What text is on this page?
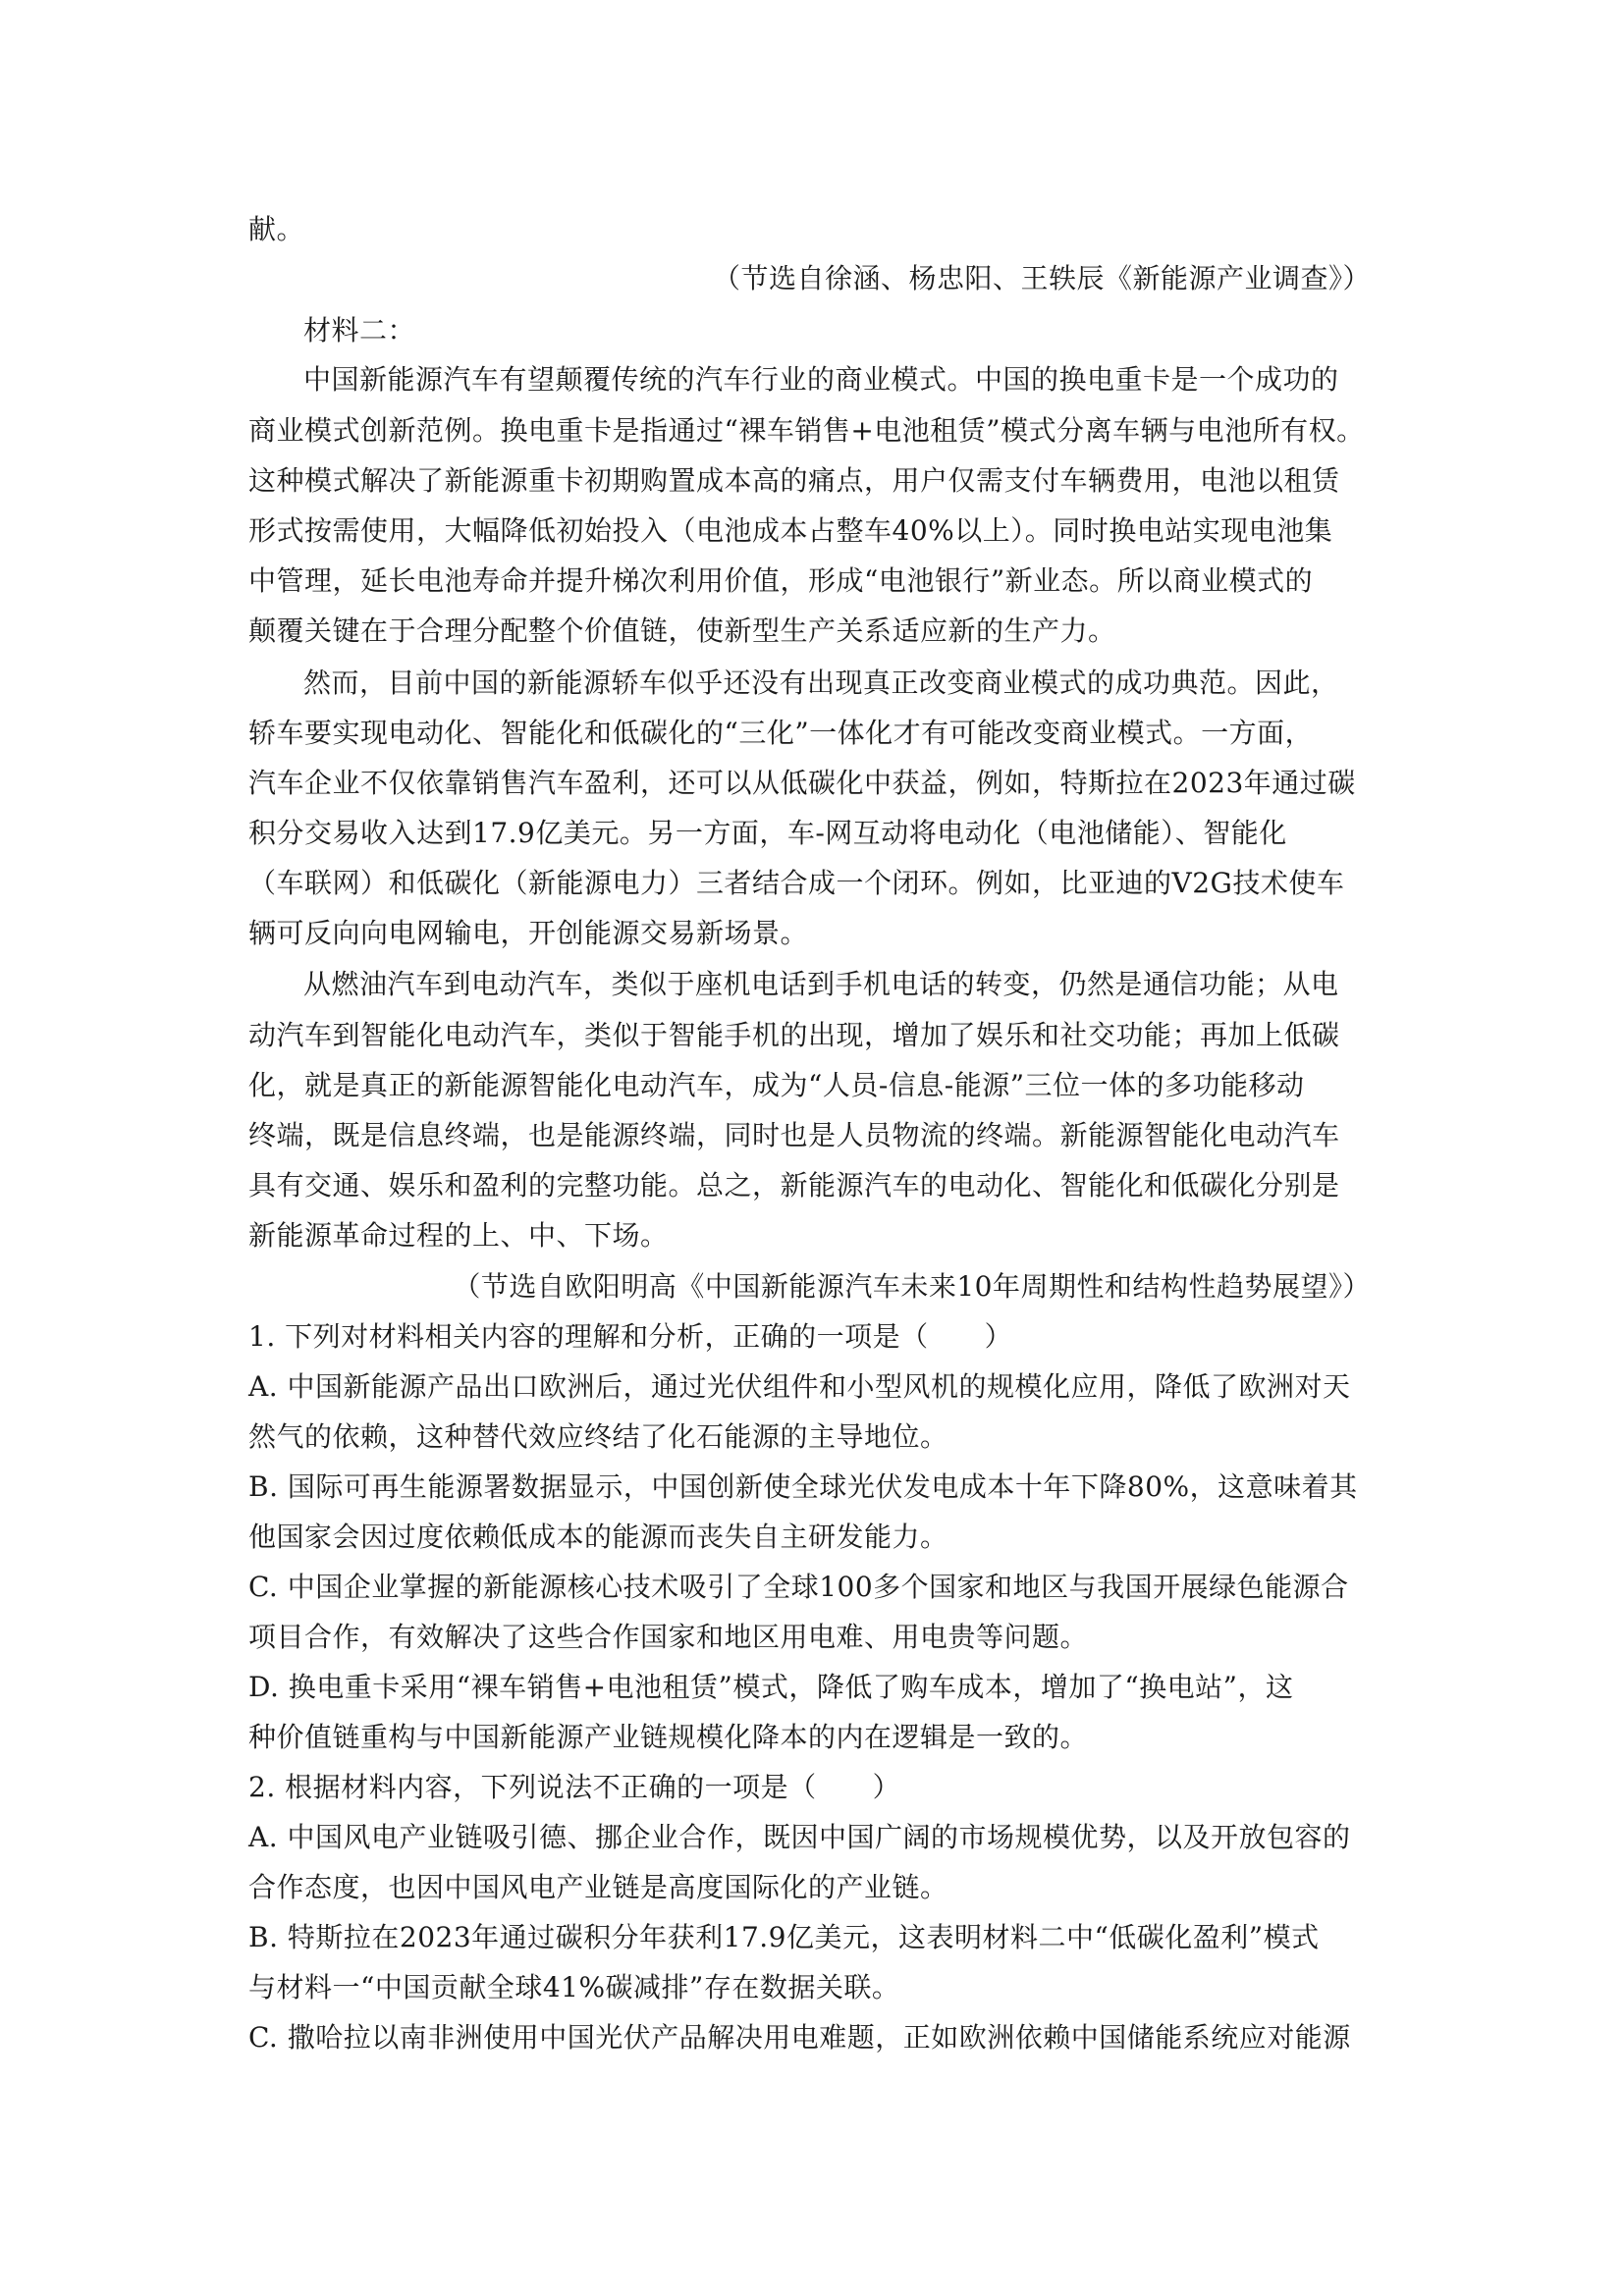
献。
（节选自徐涵、杨忠阳、王轶辰《新能源产业调查》）
材料二：
中国新能源汽车有望颠覆传统的汽车行业的商业模式。中国的换电重卡是一个成功的
商业模式创新范例。换电重卡是指通过“裸车销售+电池租赁”模式分离车辆与电池所有权。
这种模式解决了新能源重卡初期购置成本高的痛点，用户仅需支付车辆费用，电池以租赁
形式按需使用，大幅降低初始投入（电池成本占整车40%以上）。同时换电站实现电池集
中管理，延长电池寿命并提升梯次利用价值，形成“电池银行”新业态。所以商业模式的
颠覆关键在于合理分配整个价值链，使新型生产关系适应新的生产力。
然而，目前中国的新能源轿车似乎还没有出现真正改变商业模式的成功典范。因此，
轿车要实现电动化、智能化和低碳化的“三化”一体化才有可能改变商业模式。一方面，
汽车企业不仅依靠销售汽车盈利，还可以从低碳化中获益，例如，特斯拉在2023年通过碳
积分交易收入达到17.9亿美元。另一方面，车-网互动将电动化（电池储能）、智能化
（车联网）和低碳化（新能源电力）三者结合成一个闭环。例如，比亚迪的V2G技术使车
辆可反向向电网输电，开创能源交易新场景。
从燃油汽车到电动汽车，类似于座机电话到手机电话的转变，仍然是通信功能；从电
动汽车到智能化电动汽车，类似于智能手机的出现，增加了娱乐和社交功能；再加上低碳
化，就是真正的新能源智能化电动汽车，成为“人员-信息-能源”三位一体的多功能移动
终端，既是信息终端，也是能源终端，同时也是人员物流的终端。新能源智能化电动汽车
具有交通、娱乐和盈利的完整功能。总之，新能源汽车的电动化、智能化和低碳化分别是
新能源革命过程的上、中、下场。
（节选自欧阳明高《中国新能源汽车未来10年周期性和结构性趋势展望》）
1. 下列对材料相关内容的理解和分析，正确的一项是（　　）
A. 中国新能源产品出口欧洲后，通过光伏组件和小型风机的规模化应用，降低了欧洲对天
然气的依赖，这种替代效应终结了化石能源的主导地位。
B. 国际可再生能源署数据显示，中国创新使全球光伏发电成本十年下降80%，这意味着其
他国家会因过度依赖低成本的能源而丧失自主研发能力。
C. 中国企业掌握的新能源核心技术吸引了全球100多个国家和地区与我国开展绿色能源合
项目合作，有效解决了这些合作国家和地区用电难、用电贵等问题。
D. 换电重卡采用“裸车销售+电池租赁”模式，降低了购车成本，增加了“换电站”，这
种价值链重构与中国新能源产业链规模化降本的内在逻辑是一致的。
2. 根据材料内容，下列说法不正确的一项是（　　）
A. 中国风电产业链吸引德、挪企业合作，既因中国广阔的市场规模优势，以及开放包容的
合作态度，也因中国风电产业链是高度国际化的产业链。
B. 特斯拉在2023年通过碳积分年获利17.9亿美元，这表明材料二中“低碳化盈利”模式
与材料一“中国贡献全球41%碳减排”存在数据关联。
C. 撒哈拉以南非洲使用中国光伏产品解决用电难题，正如欧洲依赖中国储能系统应对能源
